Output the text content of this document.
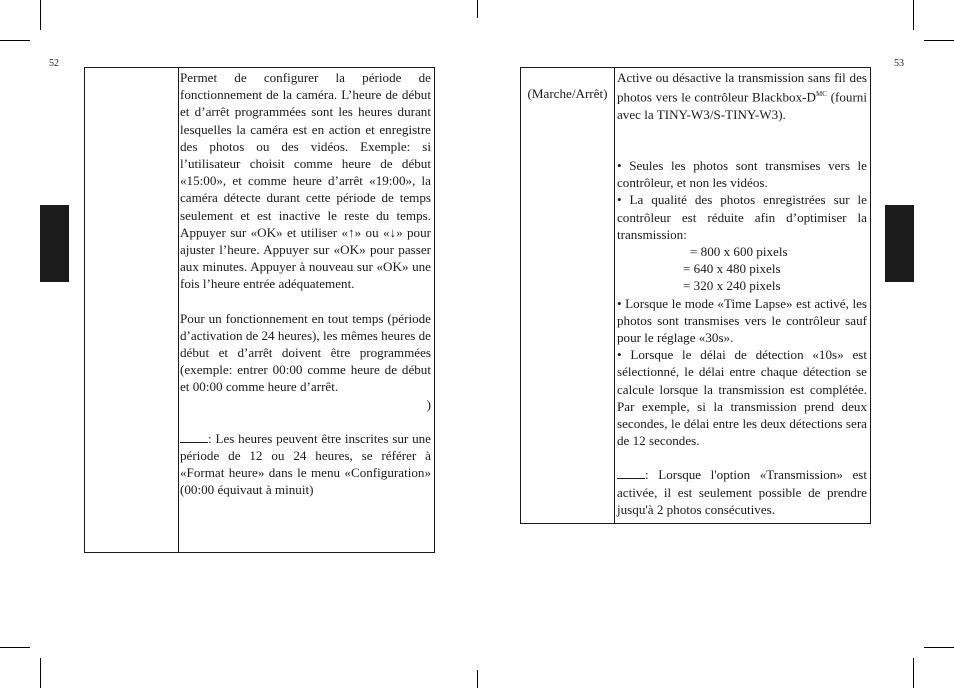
52	53
Permet de configurer la période de fonctionnement de la caméra. L’heure de début et d’arrêt programmées sont les heures durant lesquelles la caméra est en action et enregistre des photos ou des vidéos. Exemple: si l’utilisateur choisit comme heure de début «15:00», et comme heure d’arrêt «19:00», la caméra détecte durant cette période de temps seulement et est inactive le reste du temps. Appuyer sur «OK» et utiliser «↑» ou «↓» pour ajuster l’heure. Appuyer sur «OK» pour passer aux minutes. Appuyer à nouveau sur «OK» une fois l’heure entrée adéquatement.
Pour un fonctionnement en tout temps (période d’activation de 24 heures), les mêmes heures de début et d’arrêt doivent être programmées (exemple: entrer 00:00 comme heure de début et 00:00 comme heure d’arrêt.
)
: Les heures peuvent être inscrites sur une période de 12 ou 24 heures, se référer à «Format heure» dans le menu «Configuration» (00:00 équivaut à minuit)
(Marche/Arrêt)
Active ou désactive la transmission sans fil des photos vers le contrôleur Blackbox-$D^{MC}$ (fourni avec la TINY-W3/S-TINY-W3).
• Seules les photos sont transmises vers le contrôleur, et non les vidéos.
• La qualité des photos enregistrées sur le contrôleur est réduite afin d’optimiser la transmission:
= 800 x 600 pixels
= 640 x 480 pixels
= 320 x 240 pixels
• Lorsque le mode «Time Lapse» est activé, les photos sont transmises vers le contrôleur sauf pour le réglage «30s».
• Lorsque le délai de détection «10s» est sélectionné, le délai entre chaque détection se calcule lorsque la transmission est complétée. Par exemple, si la transmission prend deux secondes, le délai entre les deux détections sera de 12 secondes.
: Lorsque l'option «Transmission» est activée, il est seulement possible de prendre jusqu'à 2 photos consécutives.
